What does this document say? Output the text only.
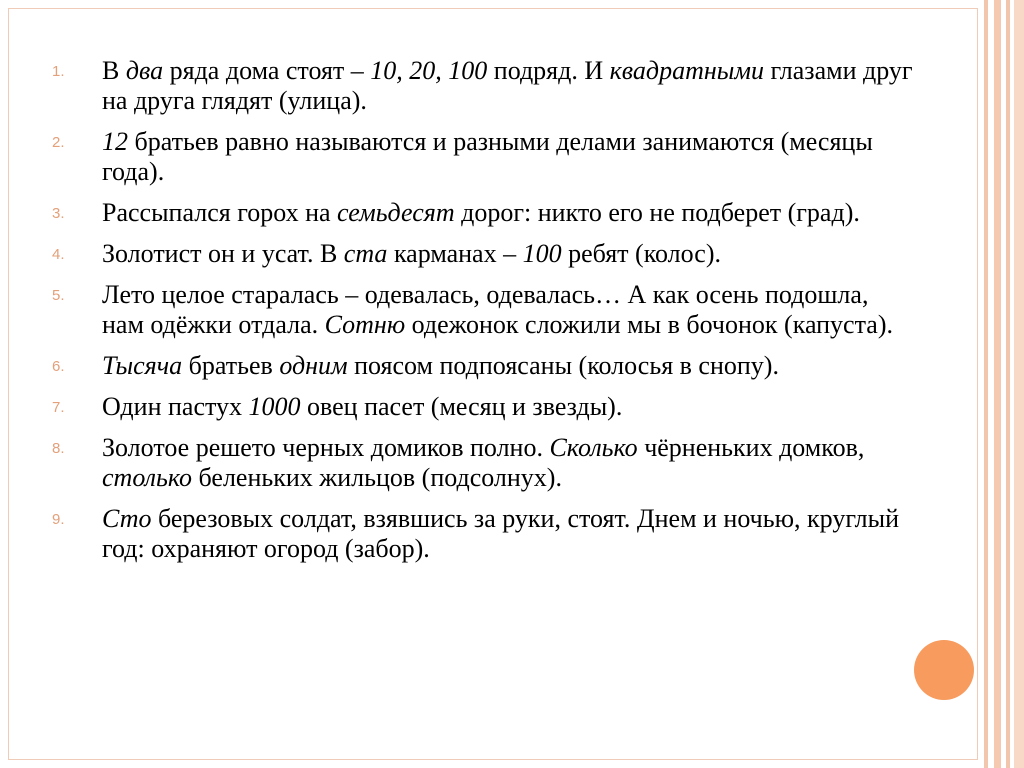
1. В два ряда дома стоят – 10, 20, 100 подряд. И квадратными глазами друг на друга глядят (улица).
2. 12 братьев равно называются и разными делами занимаются (месяцы года).
3. Рассыпался горох на семьдесят дорог: никто его не подберет (град).
4. Золотист он и усат. В ста карманах – 100 ребят (колос).
5. Лето целое старалась – одевалась, одевалась… А как осень подошла, нам одёжки отдала. Сотню одежонок сложили мы в бочонок (капуста).
6. Тысяча братьев одним поясом подпоясаны (колосья в снопу).
7. Один пастух 1000 овец пасет (месяц и звезды).
8. Золотое решето черных домиков полно. Сколько чёрненьких домков, столько беленьких жильцов (подсолнух).
9. Сто березовых солдат, взявшись за руки, стоят. Днем и ночью, круглый год: охраняют огород (забор).
